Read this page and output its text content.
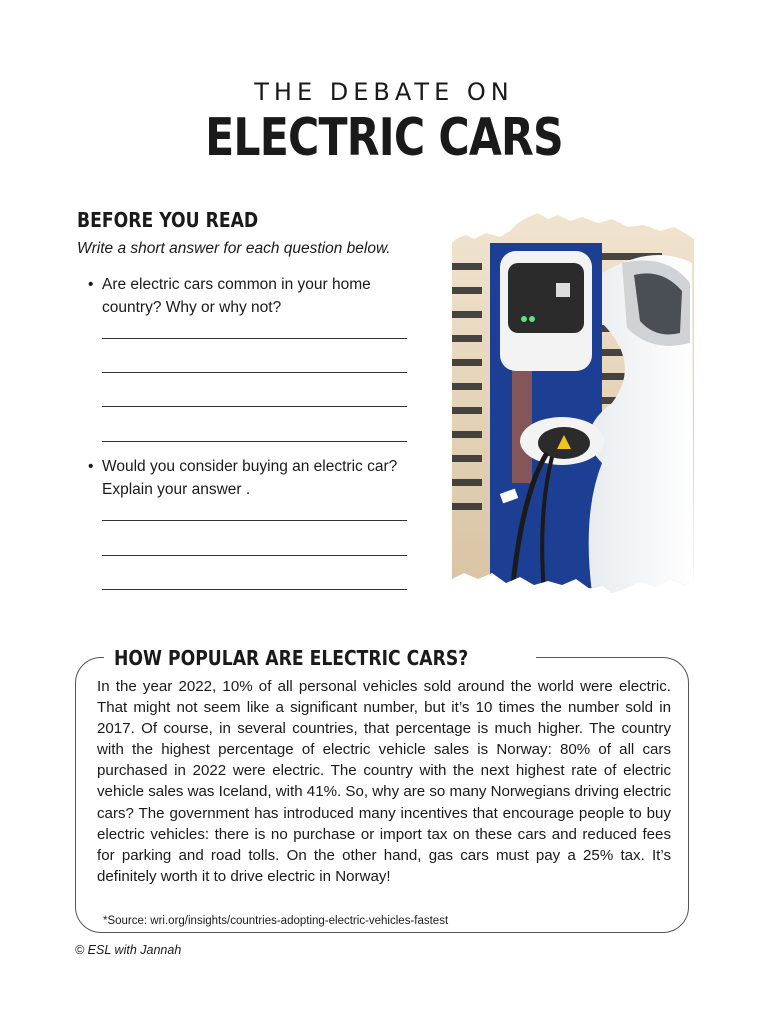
THE DEBATE ON
ELECTRIC CARS
BEFORE YOU READ
Write a short answer for each question below.
• Are electric cars common in your home country? Why or why not?
• Would you consider buying an electric car? Explain your answer .
HOW POPULAR ARE ELECTRIC CARS?
In the year 2022, 10% of all personal vehicles sold around the world were electric. That might not seem like a significant number, but it’s 10 times the number sold in 2017. Of course, in several countries, that percentage is much higher. The country with the highest percentage of electric vehicle sales is Norway: 80% of all cars purchased in 2022 were electric. The country with the next highest rate of electric vehicle sales was Iceland, with 41%. So, why are so many Norwegians driving electric cars? The government has introduced many incentives that encourage people to buy electric vehicles: there is no purchase or import tax on these cars and reduced fees for parking and road tolls. On the other hand, gas cars must pay a 25% tax. It’s definitely worth it to drive electric in Norway!
*Source: wri.org/insights/countries-adopting-electric-vehicles-fastest
© ESL with Jannah
